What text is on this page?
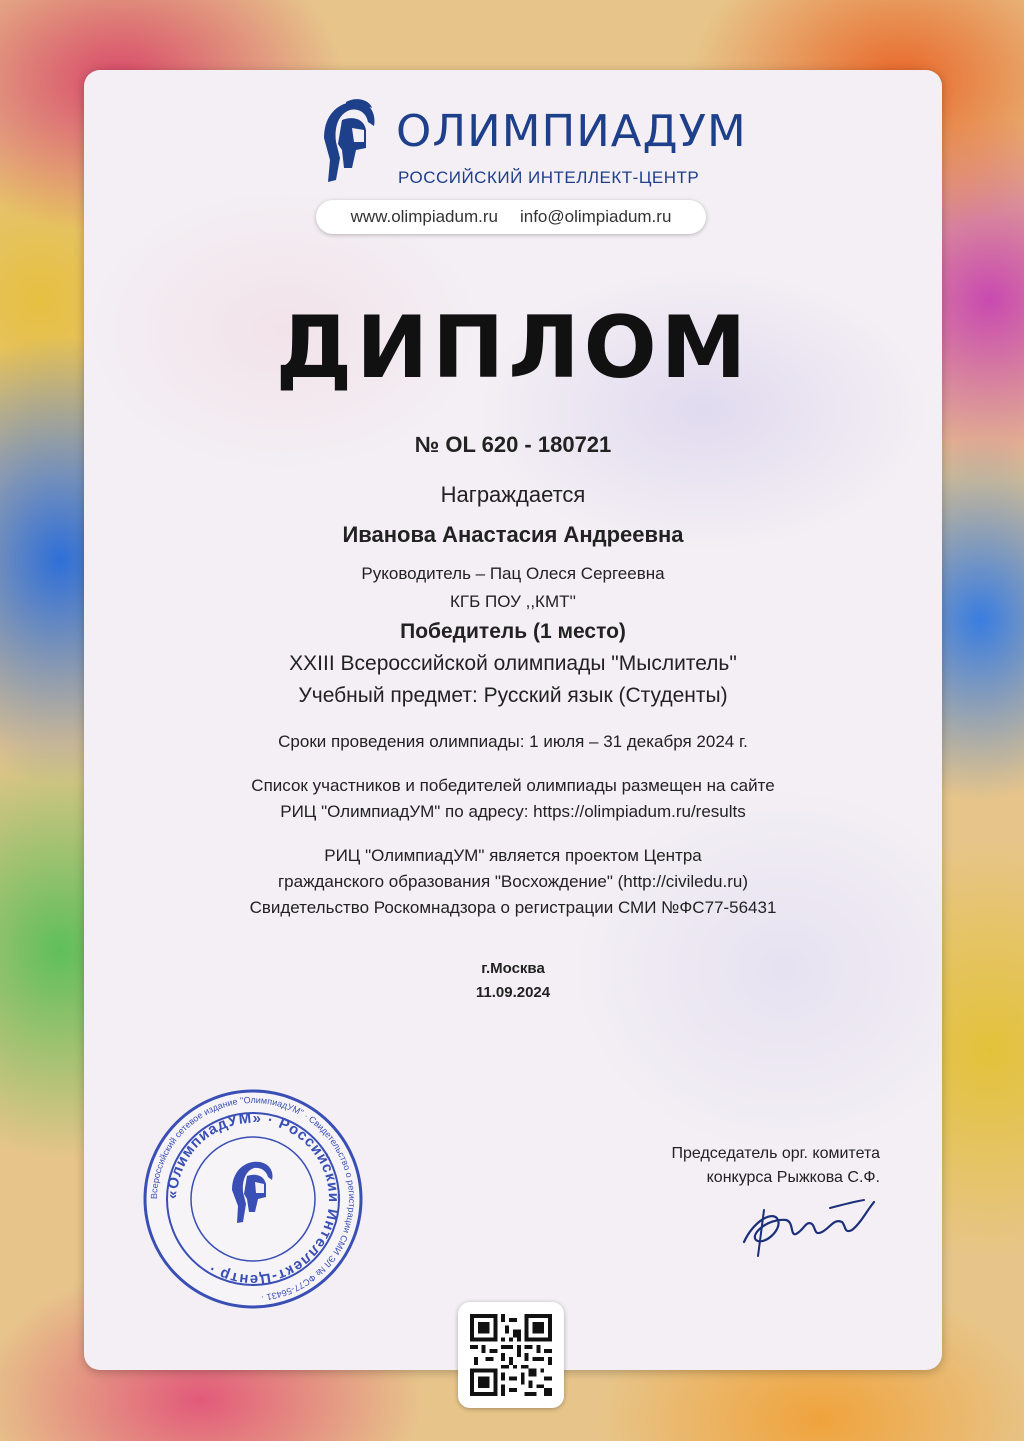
ОЛИМПИАДУМ
РОССИЙСКИЙ ИНТЕЛЛЕКТ-ЦЕНТР
www.olimpiadum.ru info@olimpiadum.ru
ДИПЛОМ
№ OL 620 - 180721
Награждается
Иванова Анастасия Андреевна
Руководитель – Пац Олеся Сергеевна
КГБ ПОУ ,,КМТ''
Победитель (1 место)
XXIII Всероссийской олимпиады "Мыслитель"
Учебный предмет: Русский язык (Студенты)
Сроки проведения олимпиады: 1 июля – 31 декабря 2024 г.
Список участников и победителей олимпиады размещен на сайте
РИЦ "ОлимпиадУМ" по адресу: https://olimpiadum.ru/results
РИЦ "ОлимпиадУМ" является проектом Центра
гражданского образования "Восхождение" (http://civiledu.ru)
Свидетельство Роскомнадзора о регистрации СМИ №ФС77-56431
г.Москва
11.09.2024
Председатель орг. комитета
конкурса Рыжкова С.Ф.
Всероссийский сетевое издание "ОлимпиадУМ" · Свидетельство о регистрации СМИ ЭЛ № ФС77-56431 ·
«ОлимпиадУМ» · Российский Интеллект-Центр ·
